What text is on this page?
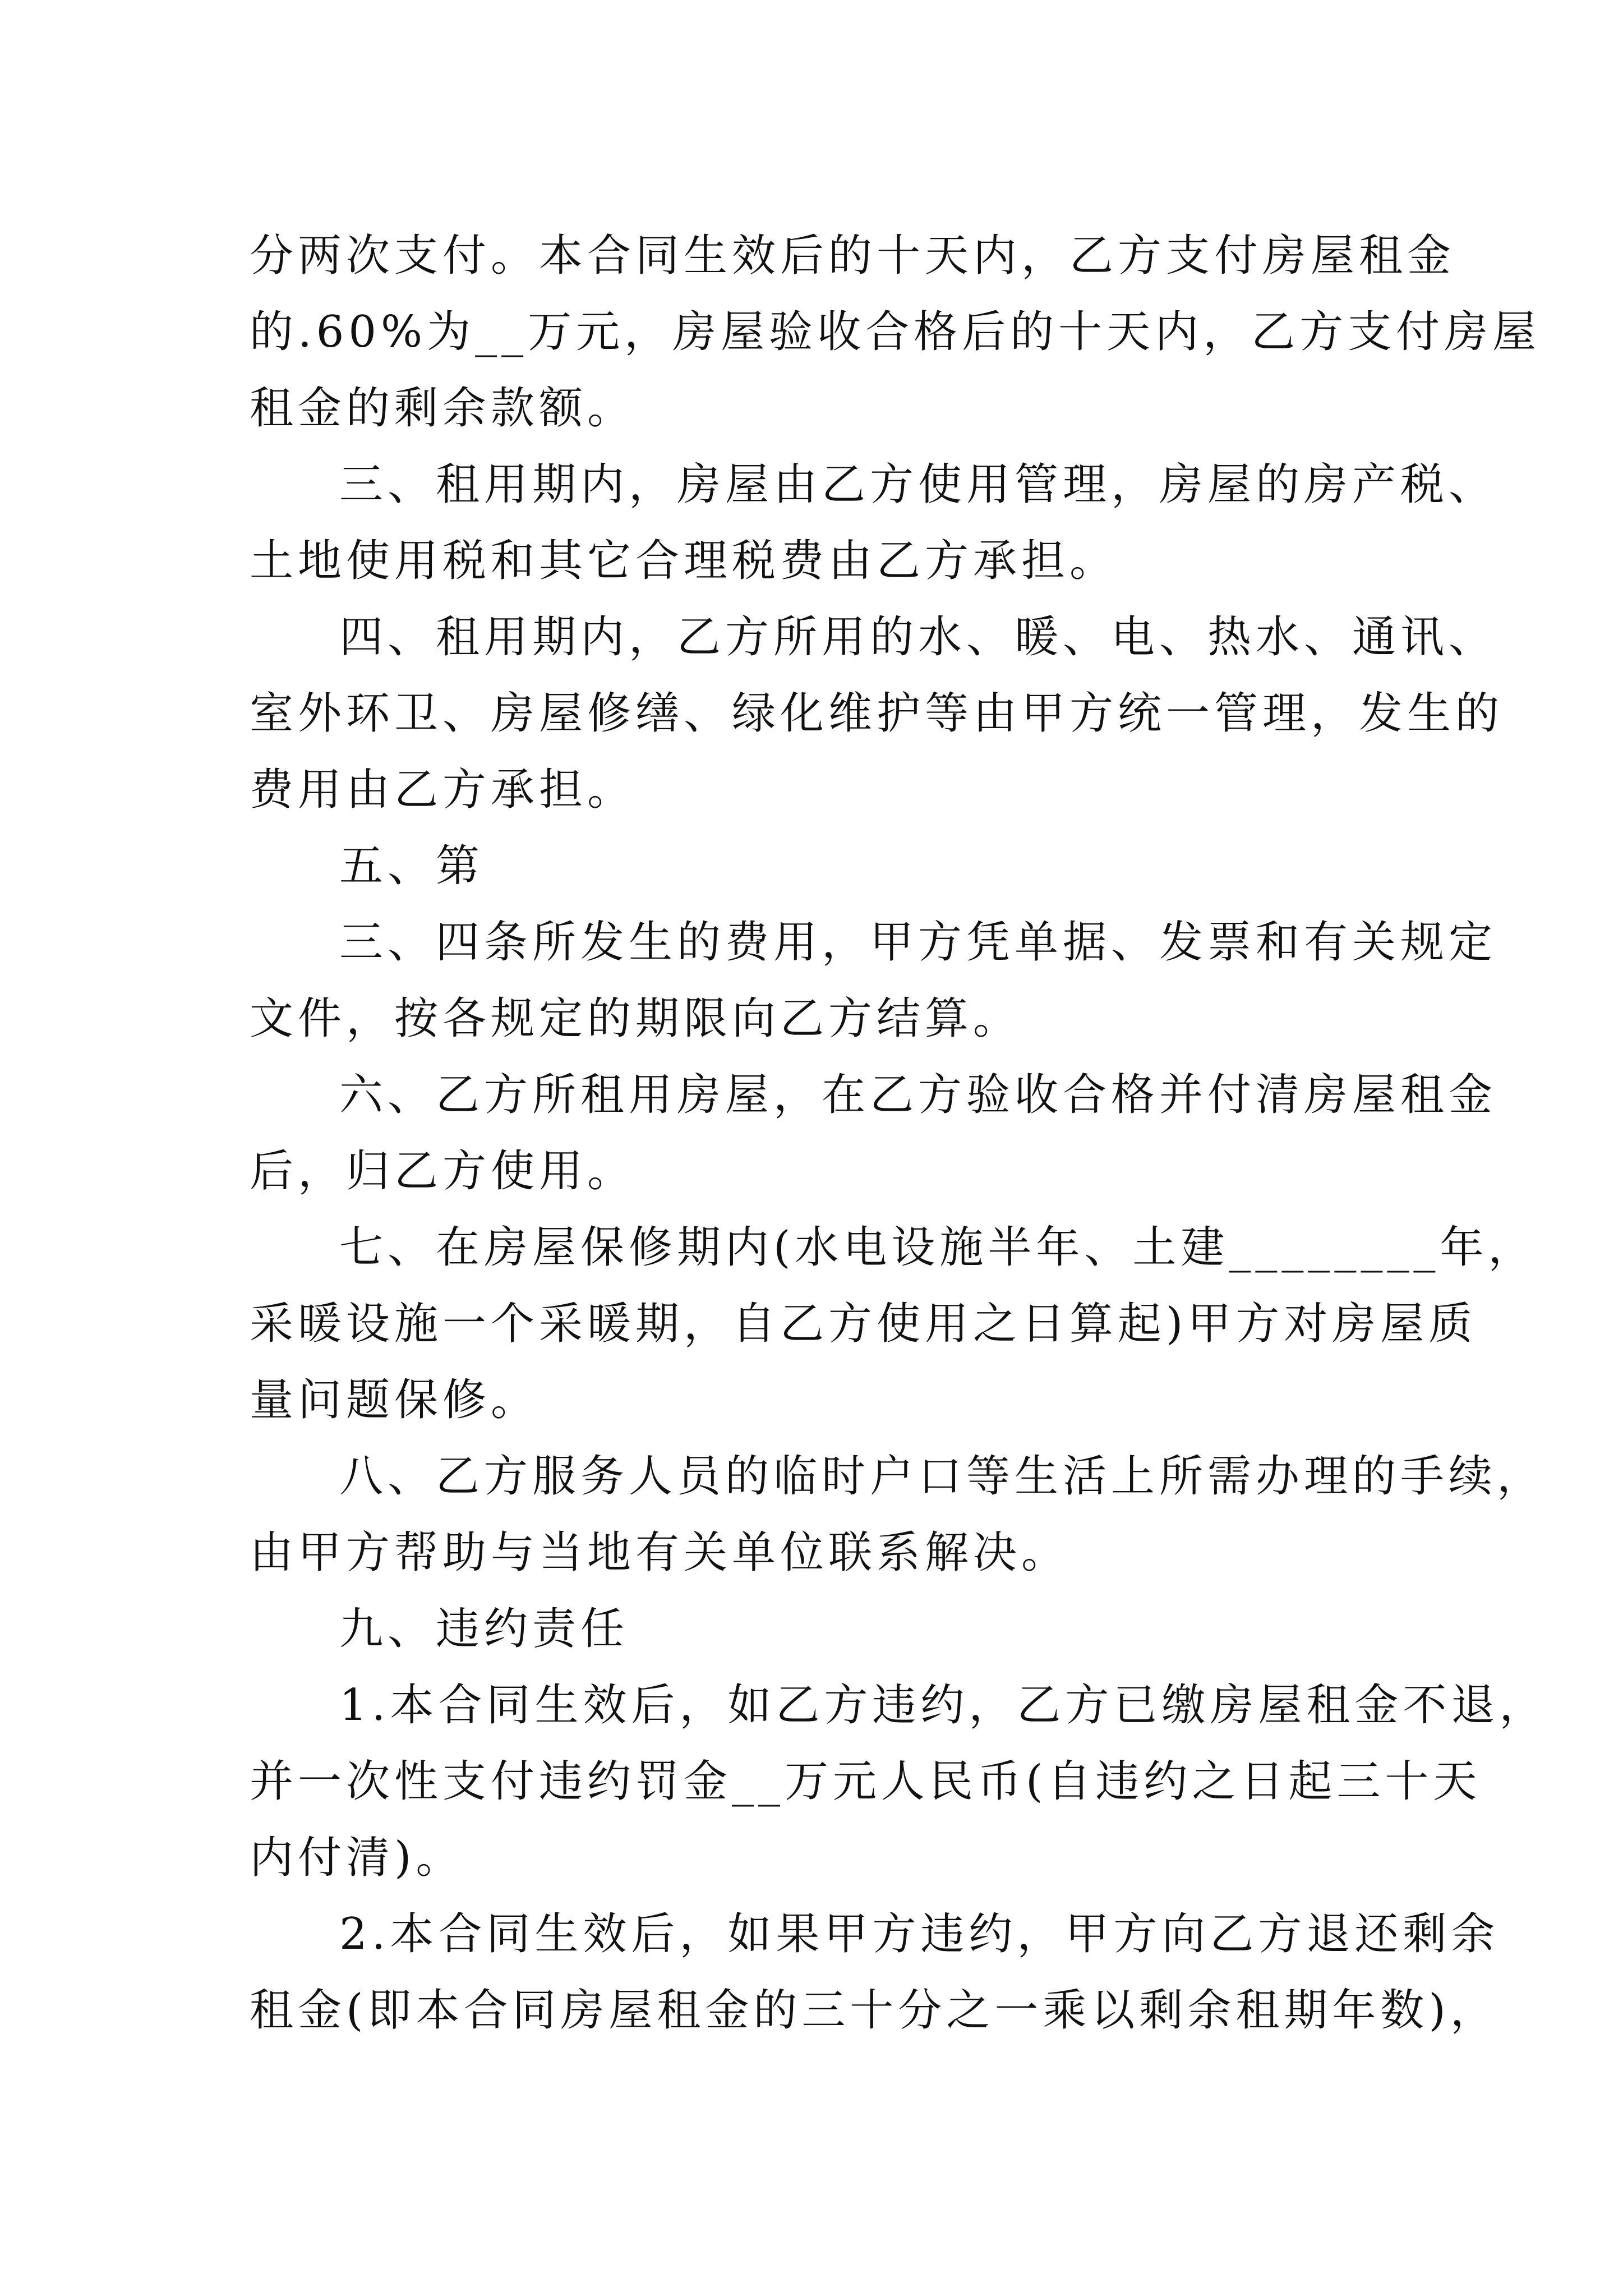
分两次支付。本合同生效后的十天内，乙方支付房屋租金
的.60%为__万元，房屋验收合格后的十天内，乙方支付房屋
租金的剩余款额。
三、租用期内，房屋由乙方使用管理，房屋的房产税、
土地使用税和其它合理税费由乙方承担。
四、租用期内，乙方所用的水、暖、电、热水、通讯、
室外环卫、房屋修缮、绿化维护等由甲方统一管理，发生的
费用由乙方承担。
五、第
三、四条所发生的费用，甲方凭单据、发票和有关规定
文件，按各规定的期限向乙方结算。
六、乙方所租用房屋，在乙方验收合格并付清房屋租金
后，归乙方使用。
七、在房屋保修期内(水电设施半年、土建________年，
采暖设施一个采暖期，自乙方使用之日算起)甲方对房屋质
量问题保修。
八、乙方服务人员的临时户口等生活上所需办理的手续，
由甲方帮助与当地有关单位联系解决。
九、违约责任
1.本合同生效后，如乙方违约，乙方已缴房屋租金不退，
并一次性支付违约罚金__万元人民币(自违约之日起三十天
内付清)。
2.本合同生效后，如果甲方违约，甲方向乙方退还剩余
租金(即本合同房屋租金的三十分之一乘以剩余租期年数)，
